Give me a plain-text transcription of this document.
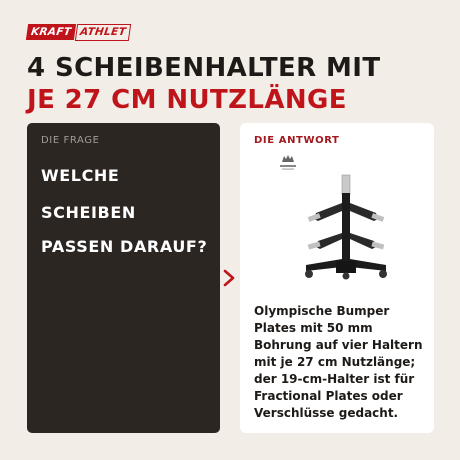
KRAFT ATHLET
4 SCHEIBENHALTER MIT
JE 27 CM NUTZLÄNGE
DIE FRAGE
WELCHE
SCHEIBEN
PASSEN DARAUF?
DIE ANTWORT
Olympische Bumper Plates mit 50 mm Bohrung auf vier Haltern mit je 27 cm Nutzlänge; der 19-cm-Halter ist für Fractional Plates oder Verschlüsse gedacht.
